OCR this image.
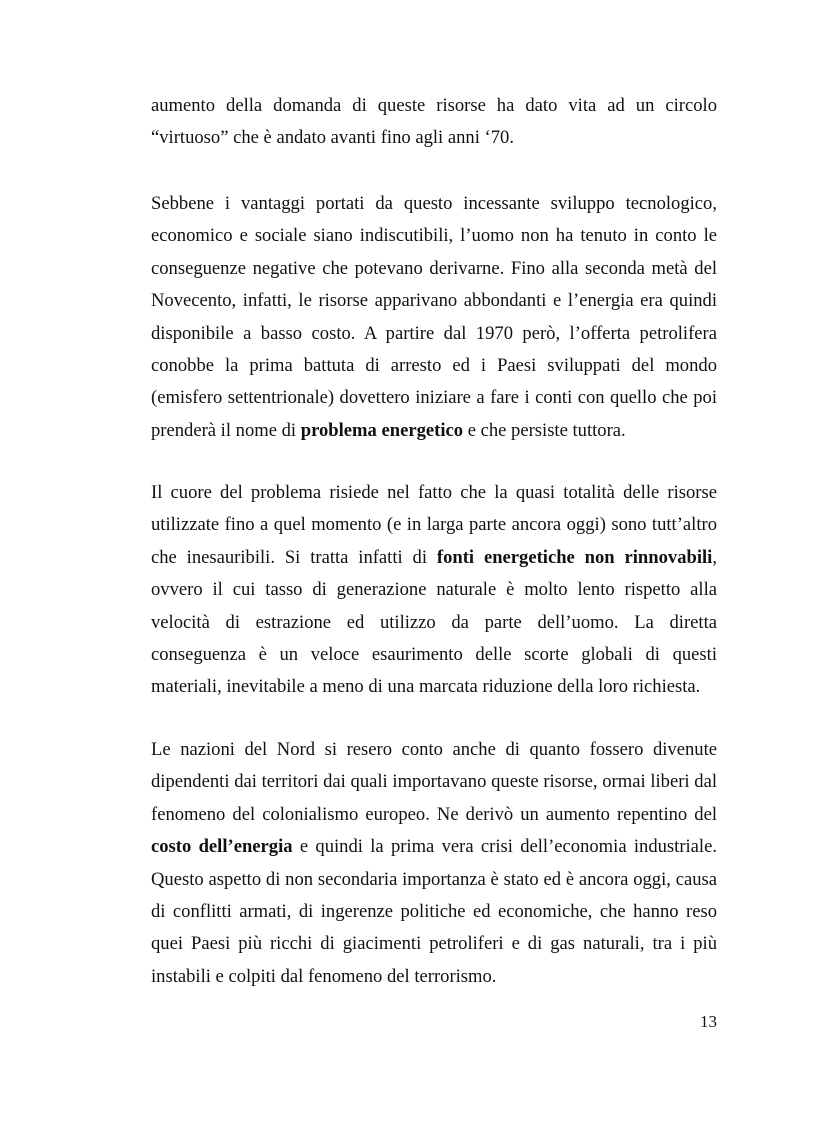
aumento della domanda di queste risorse ha dato vita ad un circolo “virtuoso” che è andato avanti fino agli anni ‘70.

Sebbene i vantaggi portati da questo incessante sviluppo tecnologico, economico e sociale siano indiscutibili, l’uomo non ha tenuto in conto le conseguenze negative che potevano derivarne. Fino alla seconda metà del Novecento, infatti, le risorse apparivano abbondanti e l’energia era quindi disponibile a basso costo. A partire dal 1970 però, l’offerta petrolifera conobbe la prima battuta di arresto ed i Paesi sviluppati del mondo (emisfero settentrionale) dovettero iniziare a fare i conti con quello che poi prenderà il nome di problema energetico e che persiste tuttora.

Il cuore del problema risiede nel fatto che la quasi totalità delle risorse utilizzate fino a quel momento (e in larga parte ancora oggi) sono tutt’altro che inesauribili. Si tratta infatti di fonti energetiche non rinnovabili, ovvero il cui tasso di generazione naturale è molto lento rispetto alla velocità di estrazione ed utilizzo da parte dell’uomo. La diretta conseguenza è un veloce esaurimento delle scorte globali di questi materiali, inevitabile a meno di una marcata riduzione della loro richiesta.

Le nazioni del Nord si resero conto anche di quanto fossero divenute dipendenti dai territori dai quali importavano queste risorse, ormai liberi dal fenomeno del colonialismo europeo. Ne derivò un aumento repentino del costo dell’energia e quindi la prima vera crisi dell’economia industriale. Questo aspetto di non secondaria importanza è stato ed è ancora oggi, causa di conflitti armati, di ingerenze politiche ed economiche, che hanno reso quei Paesi più ricchi di giacimenti petroliferi e di gas naturali, tra i più instabili e colpiti dal fenomeno del terrorismo.

13
